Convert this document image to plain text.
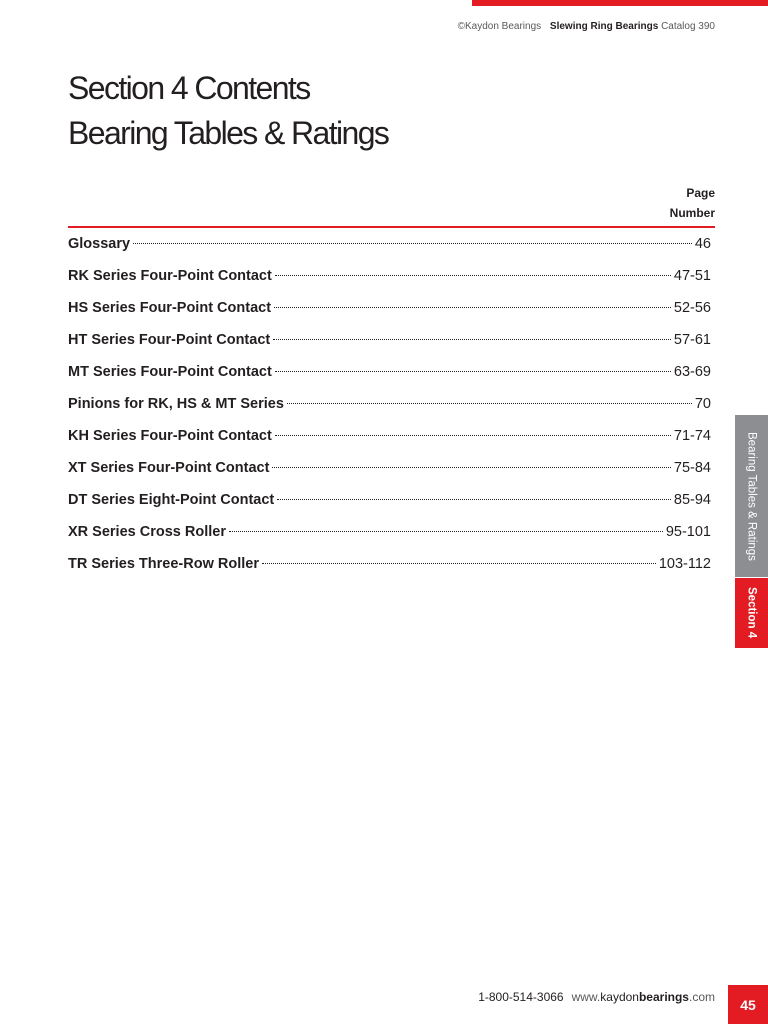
©Kaydon Bearings Slewing Ring Bearings Catalog 390
Section 4 Contents
Bearing Tables & Ratings
Page
Number
Glossary	46
RK Series Four-Point Contact	47-51
HS Series Four-Point Contact	52-56
HT Series Four-Point Contact	57-61
MT Series Four-Point Contact	63-69
Pinions for RK, HS & MT Series	70
KH Series Four-Point Contact	71-74
XT Series Four-Point Contact	75-84
DT Series Eight-Point Contact	85-94
XR Series Cross Roller	95-101
TR Series Three-Row Roller	103-112
Bearing Tables & Ratings
Section 4
1-800-514-3066 www.kaydonbearings.com 45
